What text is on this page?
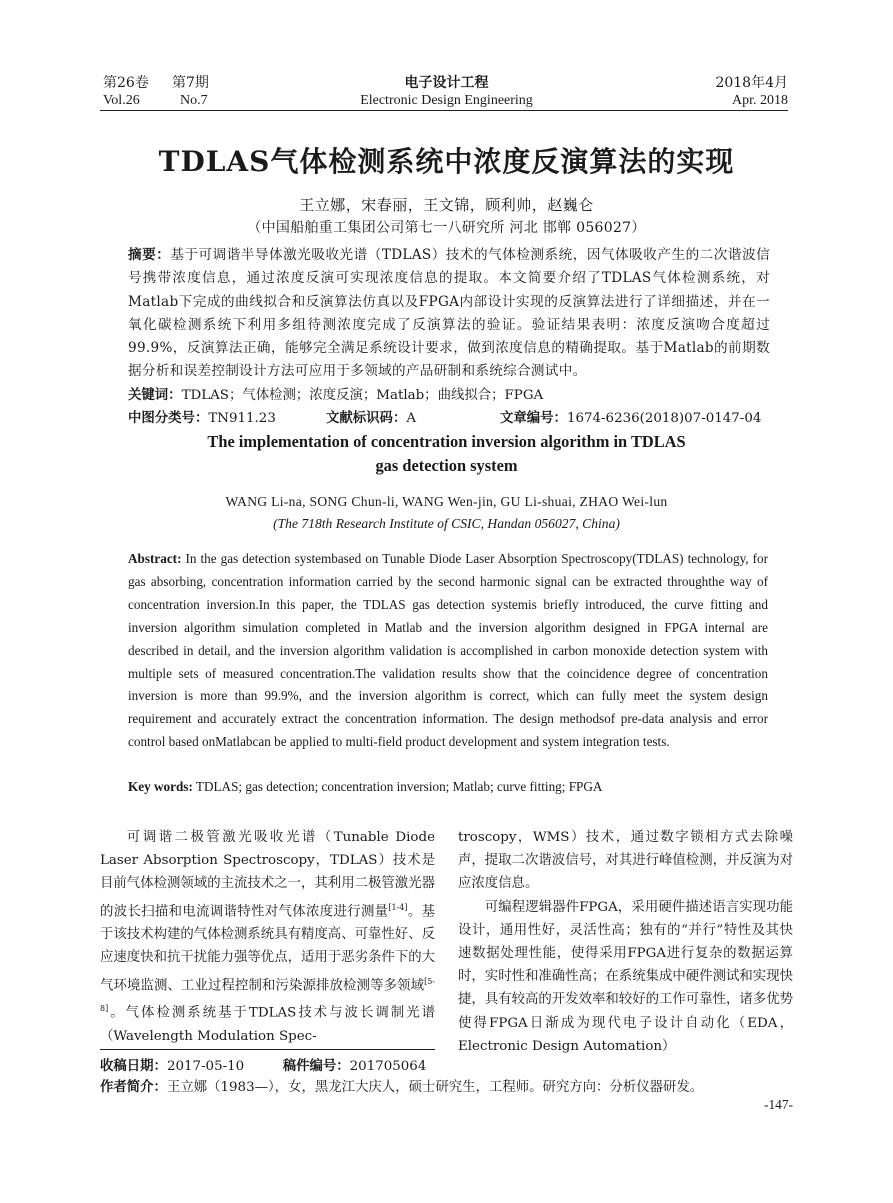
第26卷 第7期	电子设计工程	2018年4月
Vol.26	No.7	Electronic Design Engineering	Apr. 2018
TDLAS气体检测系统中浓度反演算法的实现
王立娜，宋春丽，王文锦，顾利帅，赵巍仑
（中国船舶重工集团公司第七一八研究所 河北 邯郸 056027）
摘要：基于可调谐半导体激光吸收光谱（TDLAS）技术的气体检测系统，因气体吸收产生的二次谐波信号携带浓度信息，通过浓度反演可实现浓度信息的提取。本文简要介绍了TDLAS气体检测系统，对Matlab下完成的曲线拟合和反演算法仿真以及FPGA内部设计实现的反演算法进行了详细描述，并在一氧化碳检测系统下利用多组待测浓度完成了反演算法的验证。验证结果表明：浓度反演吻合度超过99.9%，反演算法正确，能够完全满足系统设计要求，做到浓度信息的精确提取。基于Matlab的前期数据分析和误差控制设计方法可应用于多领域的产品研制和系统综合测试中。
关键词：TDLAS；气体检测；浓度反演；Matlab；曲线拟合；FPGA
中图分类号：TN911.23	文献标识码：A	文章编号：1674-6236(2018)07-0147-04
The implementation of concentration inversion algorithm in TDLAS
gas detection system
WANG Li-na, SONG Chun-li, WANG Wen-jin, GU Li-shuai, ZHAO Wei-lun
(The 718th Research Institute of CSIC, Handan 056027, China)
Abstract: In the gas detection systembased on Tunable Diode Laser Absorption Spectroscopy(TDLAS) technology, for gas absorbing, concentration information carried by the second harmonic signal can be extracted throughthe way of concentration inversion.In this paper, the TDLAS gas detection systemis briefly introduced, the curve fitting and inversion algorithm simulation completed in Matlab and the inversion algorithm designed in FPGA internal are described in detail, and the inversion algorithm validation is accomplished in carbon monoxide detection system with multiple sets of measured concentration.The validation results show that the coincidence degree of concentration inversion is more than 99.9%, and the inversion algorithm is correct, which can fully meet the system design requirement and accurately extract the concentration information. The design methodsof pre-data analysis and error control based onMatlabcan be applied to multi-field product development and system integration tests.
Key words: TDLAS; gas detection; concentration inversion; Matlab; curve fitting; FPGA

可调谐二极管激光吸收光谱（Tunable Diode Laser Absorption Spectroscopy，TDLAS）技术是目前气体检测领域的主流技术之一，其利用二极管激光器的波长扫描和电流调谐特性对气体浓度进行测量[1-4]。基于该技术构建的气体检测系统具有精度高、可靠性好、反应速度快和抗干扰能力强等优点，适用于恶劣条件下的大气环境监测、工业过程控制和污染源排放检测等多领域[5-8]。气体检测系统基于TDLAS技术与波长调制光谱（Wavelength Modulation Spec-

troscopy，WMS）技术，通过数字锁相方式去除噪声，提取二次谐波信号，对其进行峰值检测，并反演为对应浓度信息。

可编程逻辑器件FPGA，采用硬件描述语言实现功能设计，通用性好，灵活性高；独有的“并行”特性及其快速数据处理性能，使得采用FPGA进行复杂的数据运算时，实时性和准确性高；在系统集成中硬件测试和实现快捷，具有较高的开发效率和较好的工作可靠性，诸多优势使得FPGA日渐成为现代电子设计自动化（EDA，Electronic Design Automation）

收稿日期：2017-05-10	稿件编号：201705064
作者简介：王立娜（1983—），女，黑龙江大庆人，硕士研究生，工程师。研究方向：分析仪器研发。
-147-
